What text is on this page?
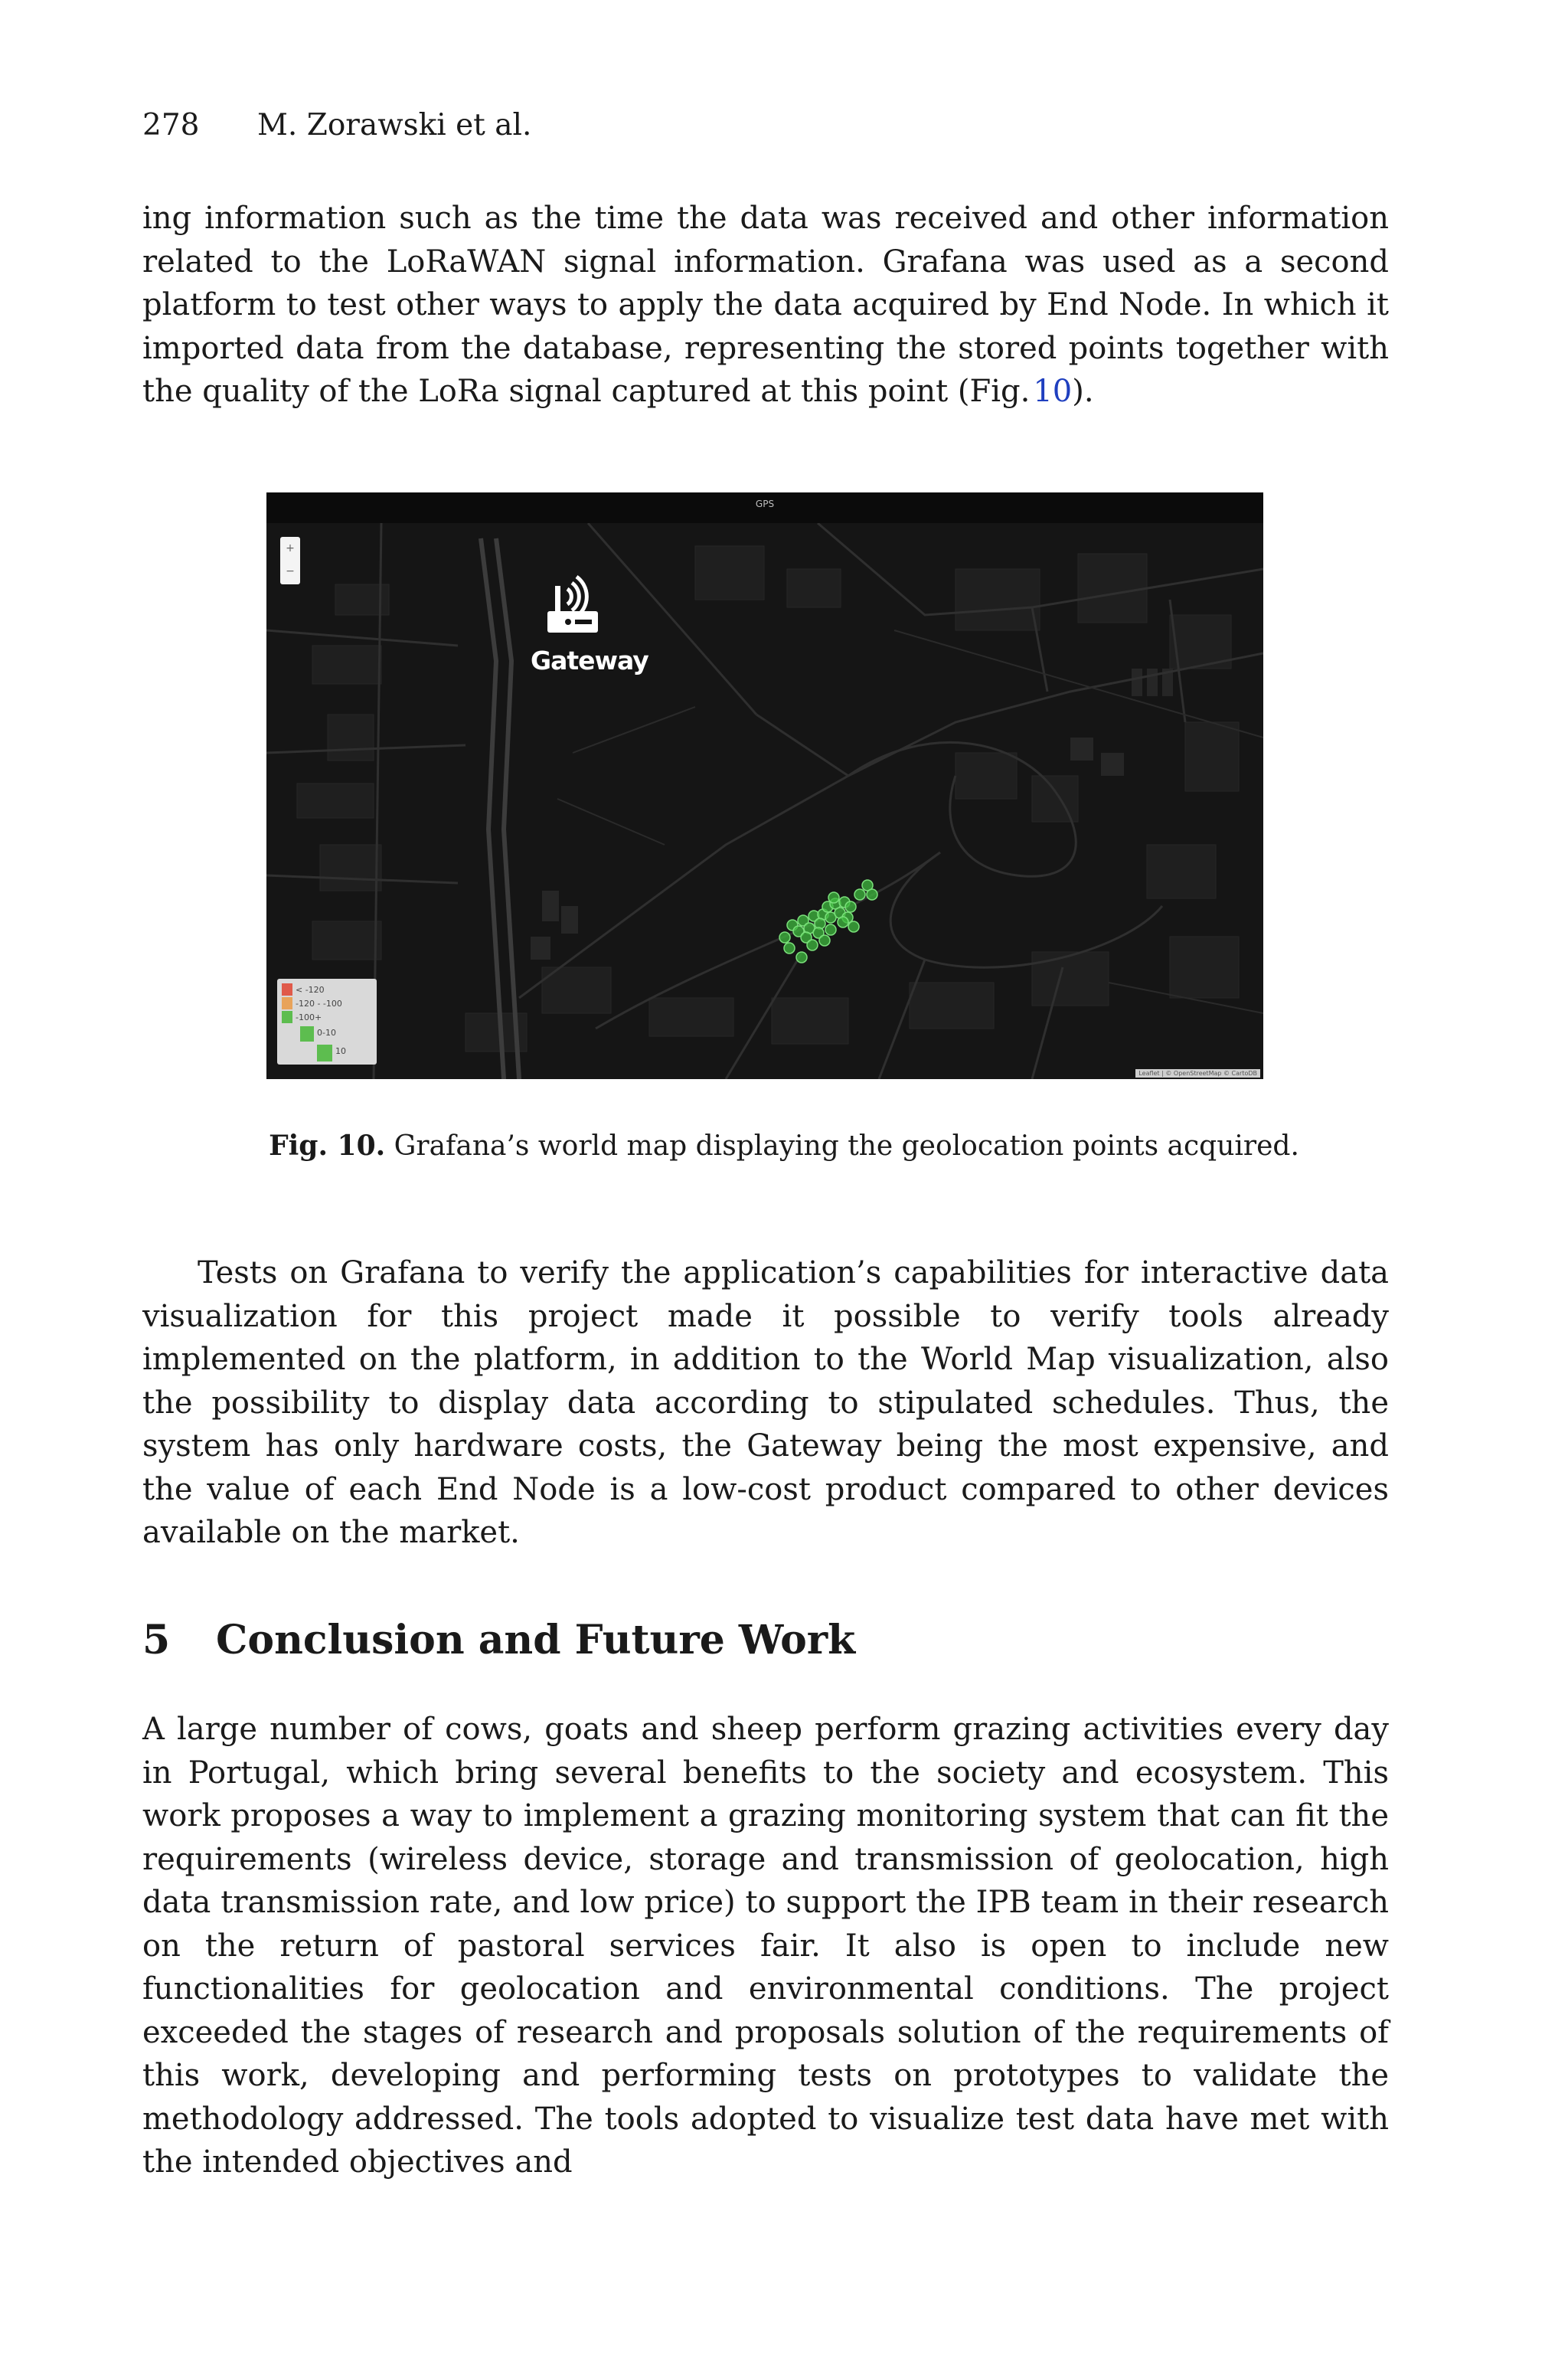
278 M. Zorawski et al.

ing information such as the time the data was received and other information related to the LoRaWAN signal information. Grafana was used as a second platform to test other ways to apply the data acquired by End Node. In which it imported data from the database, representing the stored points together with the quality of the LoRa signal captured at this point (Fig. 10).

GPS
+
−
Gateway
< -120
-120 - -100
-100+
0-10
10
Leaflet | © OpenStreetMap © CartoDB
Fig. 10. Grafana’s world map displaying the geolocation points acquired.

Tests on Grafana to verify the application’s capabilities for interactive data visualization for this project made it possible to verify tools already implemented on the platform, in addition to the World Map visualization, also the possibility to display data according to stipulated schedules. Thus, the system has only hardware costs, the Gateway being the most expensive, and the value of each End Node is a low-cost product compared to other devices available on the market.

5 Conclusion and Future Work

A large number of cows, goats and sheep perform grazing activities every day in Portugal, which bring several benefits to the society and ecosystem. This work proposes a way to implement a grazing monitoring system that can fit the requirements (wireless device, storage and transmission of geolocation, high data transmission rate, and low price) to support the IPB team in their research on the return of pastoral services fair. It also is open to include new functionalities for geolocation and environmental conditions. The project exceeded the stages of research and proposals solution of the requirements of this work, developing and performing tests on prototypes to validate the methodology addressed. The tools adopted to visualize test data have met with the intended objectives and
